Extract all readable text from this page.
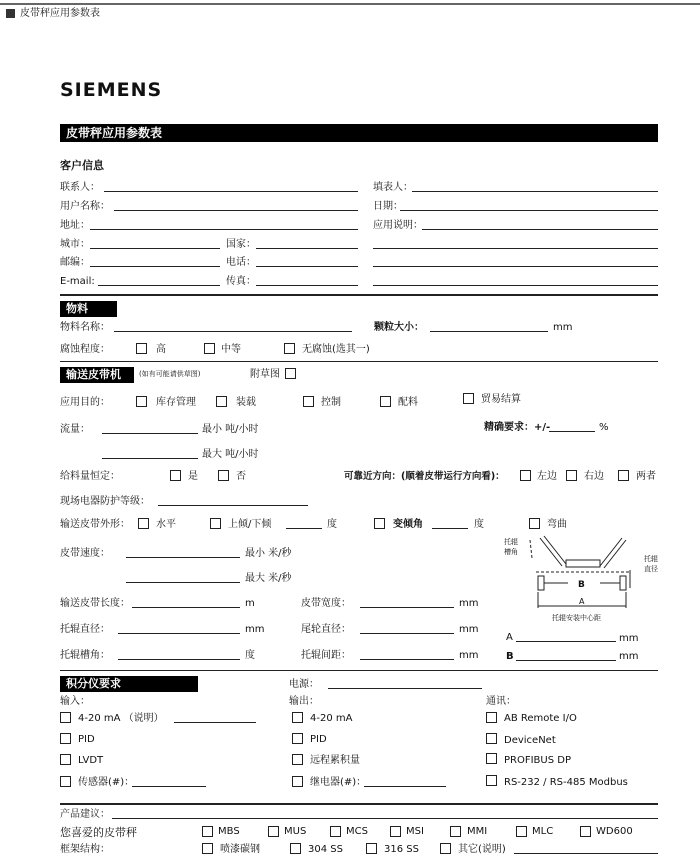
皮带秤应用参数表
SIEMENS
皮带秤应用参数表
客户信息
联系人：	填表人：
用户名称：	日期：
地址：	应用说明：
城市：	国家：
邮编：	电话：
E-mail:	传真：
物料
物料名称：	颗粒大小：	mm
腐蚀程度：	高	中等	无腐蚀(选其一)
输送皮带机	(如有可能请供草图)	附草图
应用目的：	库存管理	装载	控制	配料	贸易结算
流量：	最小 吨/小时	精确要求：+/-	%
最大 吨/小时
给料量恒定：	是	否	可靠近方向：(顺着皮带运行方向看)：	左边	右边	两者
现场电器防护等级：
输送皮带外形：	水平	上倾/下倾	度	变倾角	度	弯曲
皮带速度：	最小 米/秒
最大 米/秒
输送皮带长度：	m	皮带宽度：	mm
托辊直径：	mm	尾轮直径：	mm
托辊槽角：	度	托辊间距：	mm
托辊
槽角
托辊
直径
B
A
托辊安装中心距
A	mm
B	mm
积分仪要求	电源：
输入：	输出：	通讯：
4-20 mA （说明）	4-20 mA	AB Remote I/O
PID	PID	DeviceNet
LVDT	远程累积量	PROFIBUS DP
传感器(#)：	继电器(#)：	RS-232 / RS-485 Modbus
产品建议：
您喜爱的皮带秤	MBS	MUS	MCS	MSI	MMI	MLC	WD600
框架结构：	喷漆碳钢	304 SS	316 SS	其它(说明)
